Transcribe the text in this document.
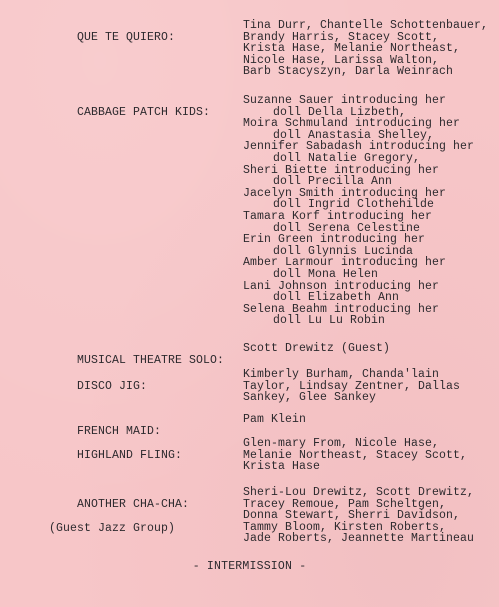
QUE TE QUIERO:

Tina Durr, Chantelle Schottenbauer,
Brandy Harris, Stacey Scott,
Krista Hase, Melanie Northeast,
Nicole Hase, Larissa Walton,
Barb Stacyszyn, Darla Weinrach

CABBAGE PATCH KIDS:

Suzanne Sauer introducing her
doll Della Lizbeth,
Moira Schmuland introducing her
doll Anastasia Shelley,
Jennifer Sabadash introducing her
doll Natalie Gregory,
Sheri Biette introducing her
doll Precilla Ann
Jacelyn Smith introducing her
doll Ingrid Clothehilde
Tamara Korf introducing her
doll Serena Celestine
Erin Green introducing her
doll Glynnis Lucinda
Amber Larmour introducing her
doll Mona Helen
Lani Johnson introducing her
doll Elizabeth Ann
Selena Beahm introducing her
doll Lu Lu Robin

MUSICAL THEATRE SOLO:

Scott Drewitz (Guest)

DISCO JIG:

Kimberly Burham, Chanda'lain
Taylor, Lindsay Zentner, Dallas
Sankey, Glee Sankey

FRENCH MAID:

Pam Klein

HIGHLAND FLING:

Glen-mary From, Nicole Hase,
Melanie Northeast, Stacey Scott,
Krista Hase

ANOTHER CHA-CHA:

(Guest Jazz Group)

Sheri-Lou Drewitz, Scott Drewitz,
Tracey Remoue, Pam Scheltgen,
Donna Stewart, Sherri Davidson,
Tammy Bloom, Kirsten Roberts,
Jade Roberts, Jeannette Martineau
- INTERMISSION -
